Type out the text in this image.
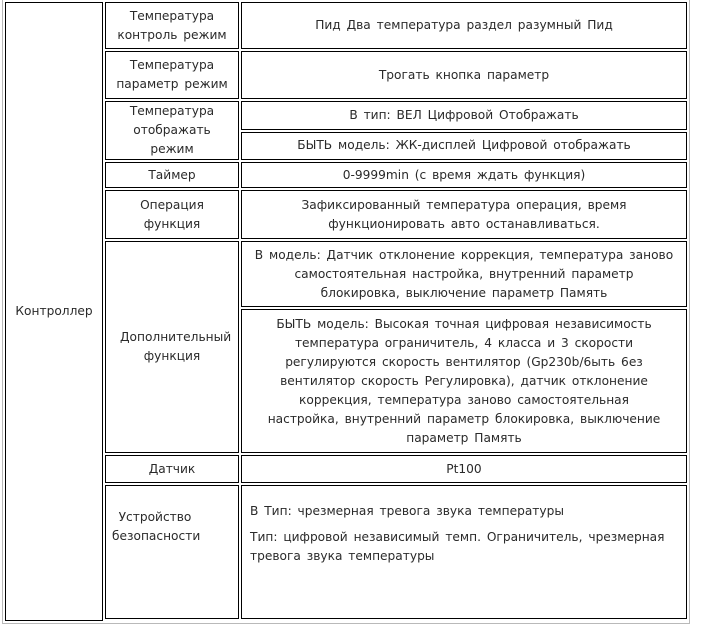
Контроллер	Температура контроль режим	Пид Два температура раздел разумный Пид
	Температура параметр режим	Трогать кнопка параметр
	Температура отображать режим	В тип: ВЕЛ Цифровой Отображать
		БЫТЬ модель: ЖК-дисплей Цифровой отображать
	Таймер	0-9999min (с время ждать функция)
	Операция функция	Зафиксированный температура операция, время функционировать авто останавливаться.
	Дополнительный функция	В модель: Датчик отклонение коррекция, температура заново самостоятельная настройка, внутренний параметр блокировка, выключение параметр Память
		БЫТЬ модель: Высокая точная цифровая независимость температура ограничитель, 4 класса и 3 скорости регулируются скорость вентилятор (Gp230b/6ыть 6ез вентилятор скорость Регулировка), датчик отклонение коррекция, температура заново самостоятельная настройка, внутренний параметр блокировка, выключение параметр Память
	Датчик	Pt100
	Устройство безопасности	В Тип: чрезмерная тревога звука температуры

Тип: цифровой независимый темп. Ограничитель, чрезмерная тревога звука температуры
